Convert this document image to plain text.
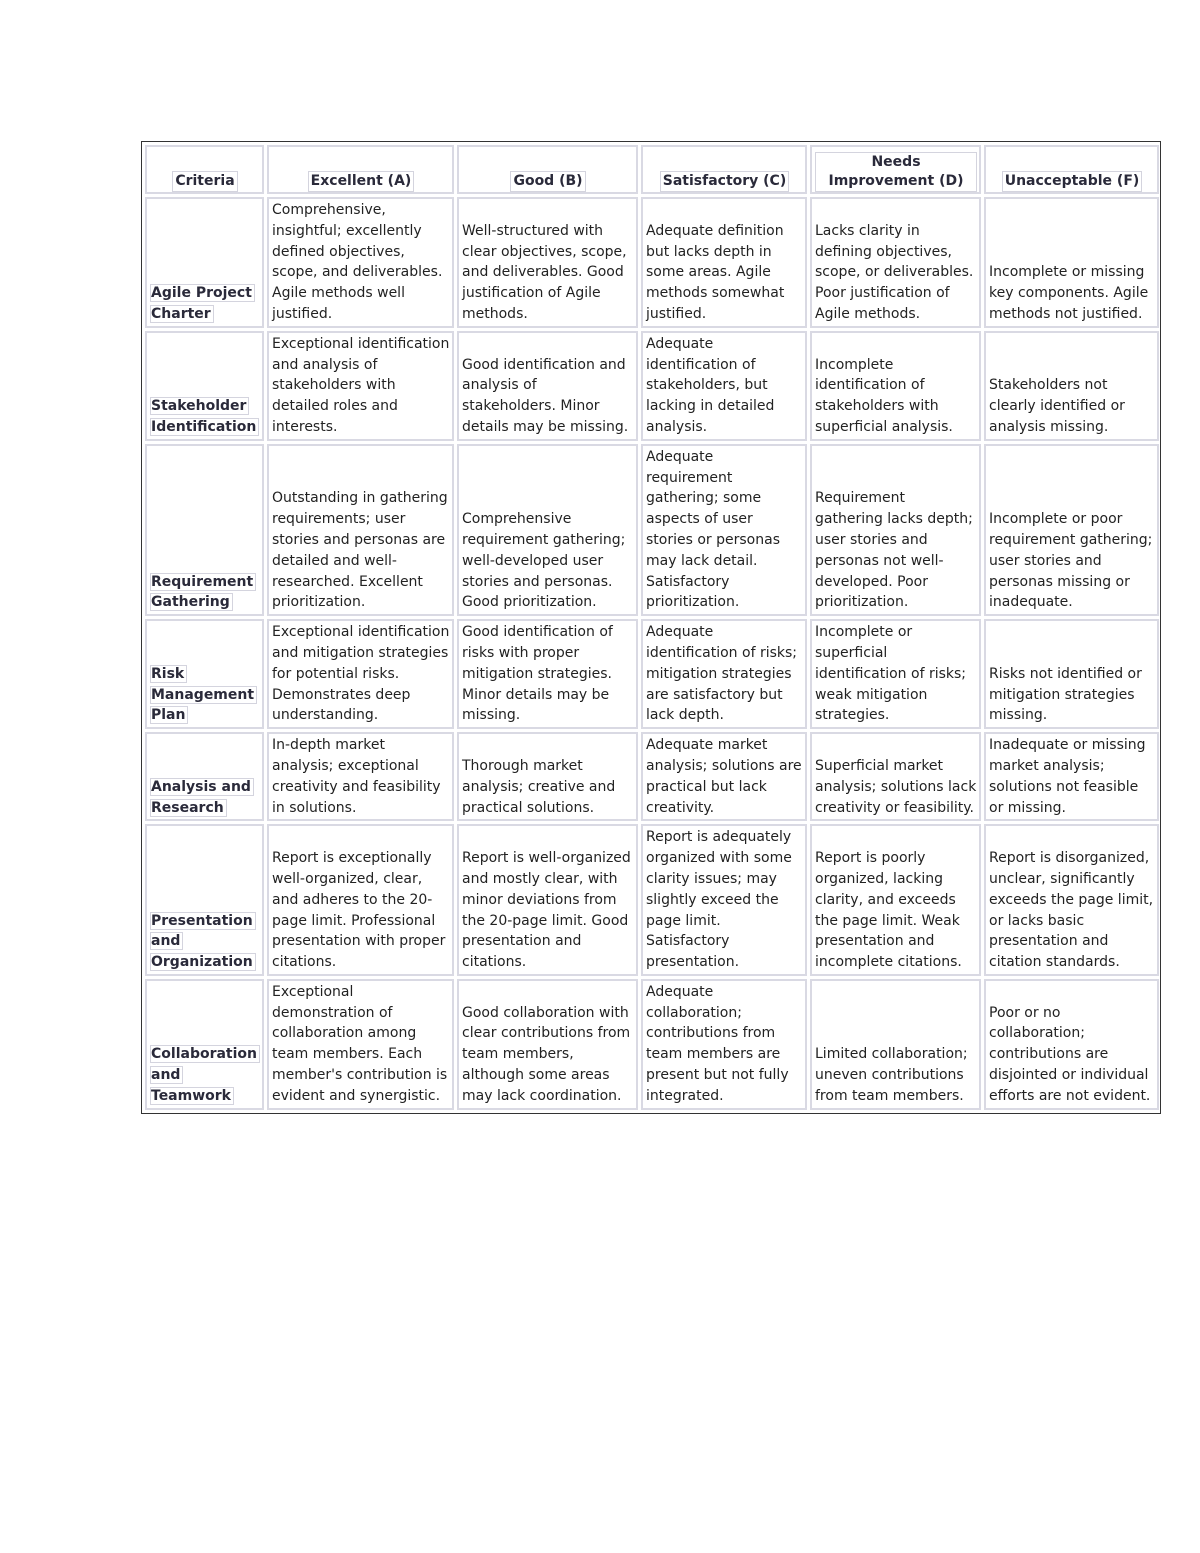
Criteria	Excellent (A)	Good (B)	Satisfactory (C)	Needs Improvement (D)	Unacceptable (F)
Agile Project Charter	Comprehensive, insightful; excellently defined objectives, scope, and deliverables. Agile methods well justified.	Well-structured with clear objectives, scope, and deliverables. Good justification of Agile methods.	Adequate definition but lacks depth in some areas. Agile methods somewhat justified.	Lacks clarity in defining objectives, scope, or deliverables. Poor justification of Agile methods.	Incomplete or missing key components. Agile methods not justified.
Stakeholder Identification	Exceptional identification and analysis of stakeholders with detailed roles and interests.	Good identification and analysis of stakeholders. Minor details may be missing.	Adequate identification of stakeholders, but lacking in detailed analysis.	Incomplete identification of stakeholders with superficial analysis.	Stakeholders not clearly identified or analysis missing.
Requirement Gathering	Outstanding in gathering requirements; user stories and personas are detailed and well-researched. Excellent prioritization.	Comprehensive requirement gathering; well-developed user stories and personas. Good prioritization.	Adequate requirement gathering; some aspects of user stories or personas may lack detail. Satisfactory prioritization.	Requirement gathering lacks depth; user stories and personas not well-developed. Poor prioritization.	Incomplete or poor requirement gathering; user stories and personas missing or inadequate.
Risk Management Plan	Exceptional identification and mitigation strategies for potential risks. Demonstrates deep understanding.	Good identification of risks with proper mitigation strategies. Minor details may be missing.	Adequate identification of risks; mitigation strategies are satisfactory but lack depth.	Incomplete or superficial identification of risks; weak mitigation strategies.	Risks not identified or mitigation strategies missing.
Analysis and Research	In-depth market analysis; exceptional creativity and feasibility in solutions.	Thorough market analysis; creative and practical solutions.	Adequate market analysis; solutions are practical but lack creativity.	Superficial market analysis; solutions lack creativity or feasibility.	Inadequate or missing market analysis; solutions not feasible or missing.
Presentation and Organization	Report is exceptionally well-organized, clear, and adheres to the 20-page limit. Professional presentation with proper citations.	Report is well-organized and mostly clear, with minor deviations from the 20-page limit. Good presentation and citations.	Report is adequately organized with some clarity issues; may slightly exceed the page limit. Satisfactory presentation.	Report is poorly organized, lacking clarity, and exceeds the page limit. Weak presentation and incomplete citations.	Report is disorganized, unclear, significantly exceeds the page limit, or lacks basic presentation and citation standards.
Collaboration and Teamwork	Exceptional demonstration of collaboration among team members. Each member's contribution is evident and synergistic.	Good collaboration with clear contributions from team members, although some areas may lack coordination.	Adequate collaboration; contributions from team members are present but not fully integrated.	Limited collaboration; uneven contributions from team members.	Poor or no collaboration; contributions are disjointed or individual efforts are not evident.
